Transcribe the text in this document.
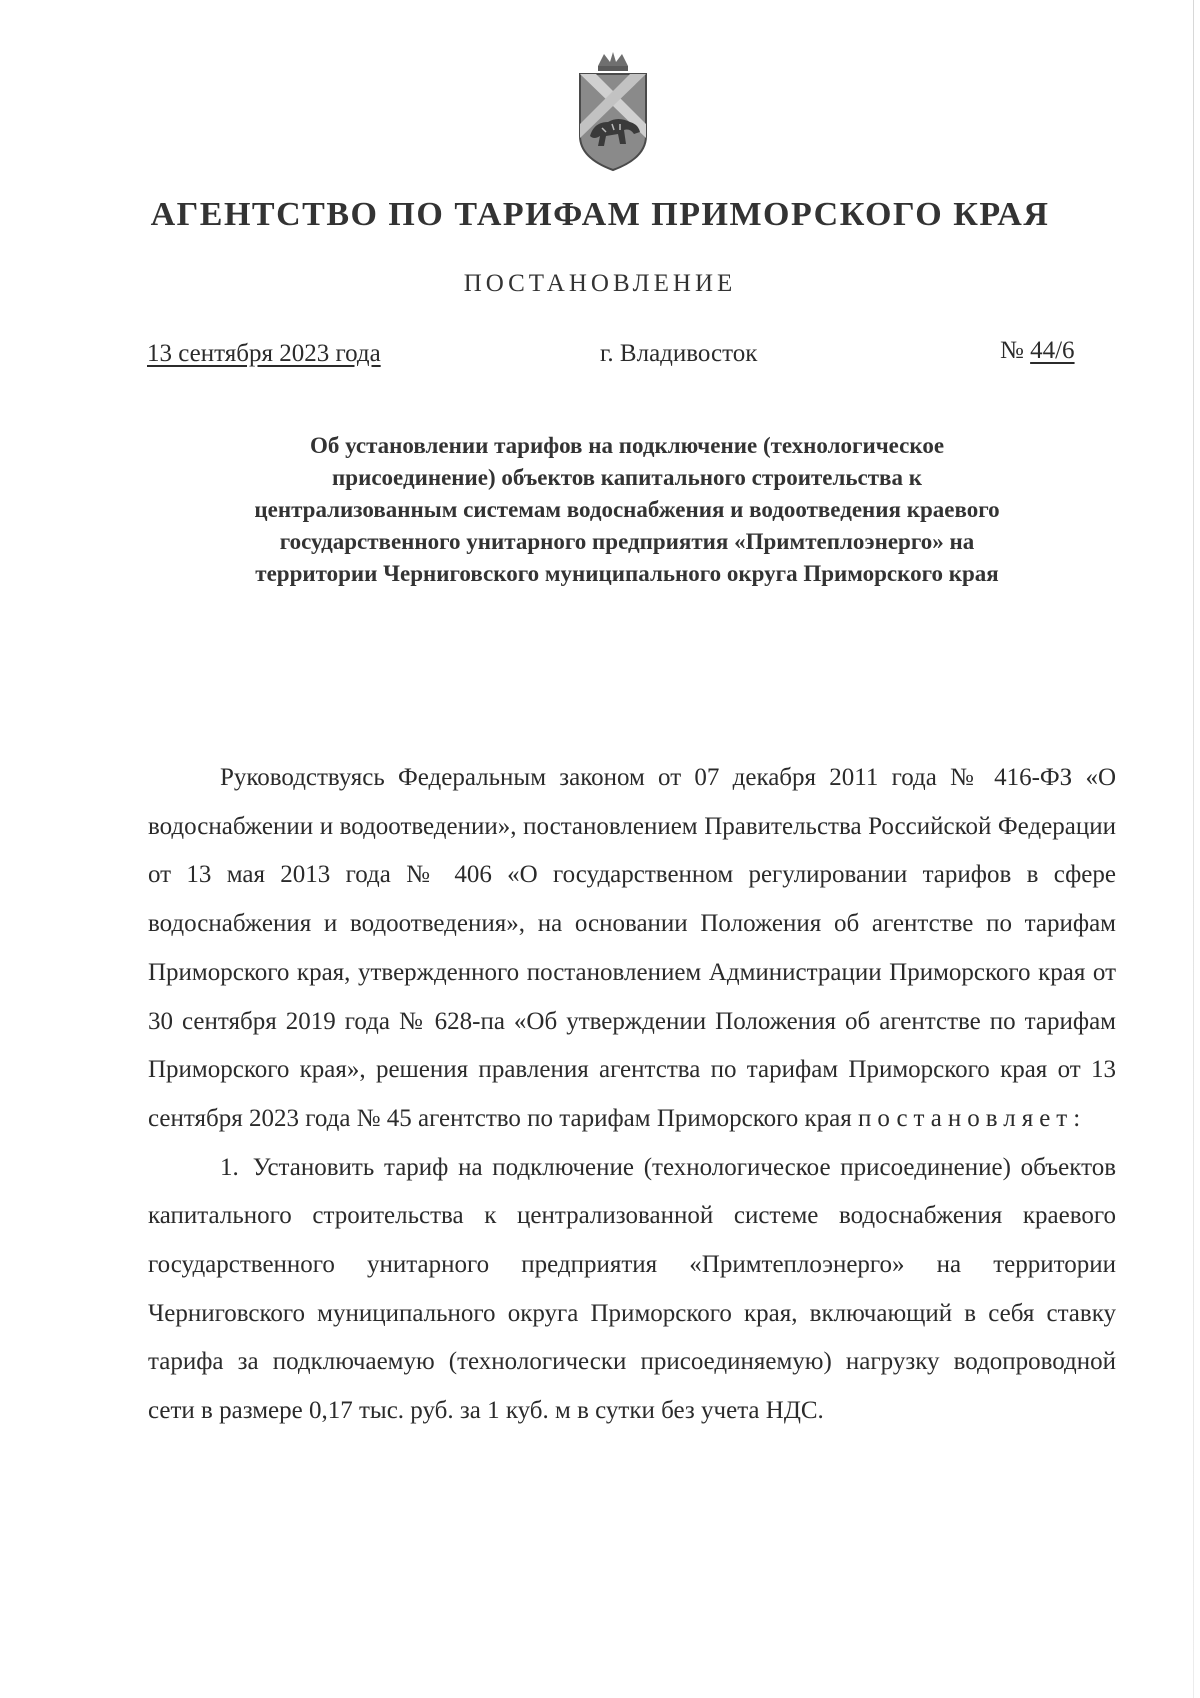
АГЕНТСТВО ПО ТАРИФАМ ПРИМОРСКОГО КРАЯ
ПОСТАНОВЛЕНИЕ
13 сентября 2023 года	г. Владивосток	№ 44/6
Об установлении тарифов на подключение (технологическое присоединение) объектов капитального строительства к централизованным системам водоснабжения и водоотведения краевого государственного унитарного предприятия «Примтеплоэнерго» на территории Черниговского муниципального округа Приморского края

Руководствуясь Федеральным законом от 07 декабря 2011 года № 416-ФЗ «О водоснабжении и водоотведении», постановлением Правительства Российской Федерации от 13 мая 2013 года № 406 «О государственном регулировании тарифов в сфере водоснабжения и водоотведения», на основании Положения об агентстве по тарифам Приморского края, утвержденного постановлением Администрации Приморского края от 30 сентября 2019 года № 628-па «Об утверждении Положения об агентстве по тарифам Приморского края», решения правления агентства по тарифам Приморского края от 13 сентября 2023 года № 45 агентство по тарифам Приморского края постановляет:

1. Установить тариф на подключение (технологическое присоединение) объектов капитального строительства к централизованной системе водоснабжения краевого государственного унитарного предприятия «Примтеплоэнерго» на территории Черниговского муниципального округа Приморского края, включающий в себя ставку тарифа за подключаемую (технологически присоединяемую) нагрузку водопроводной сети в размере 0,17 тыс. руб. за 1 куб. м в сутки без учета НДС.
